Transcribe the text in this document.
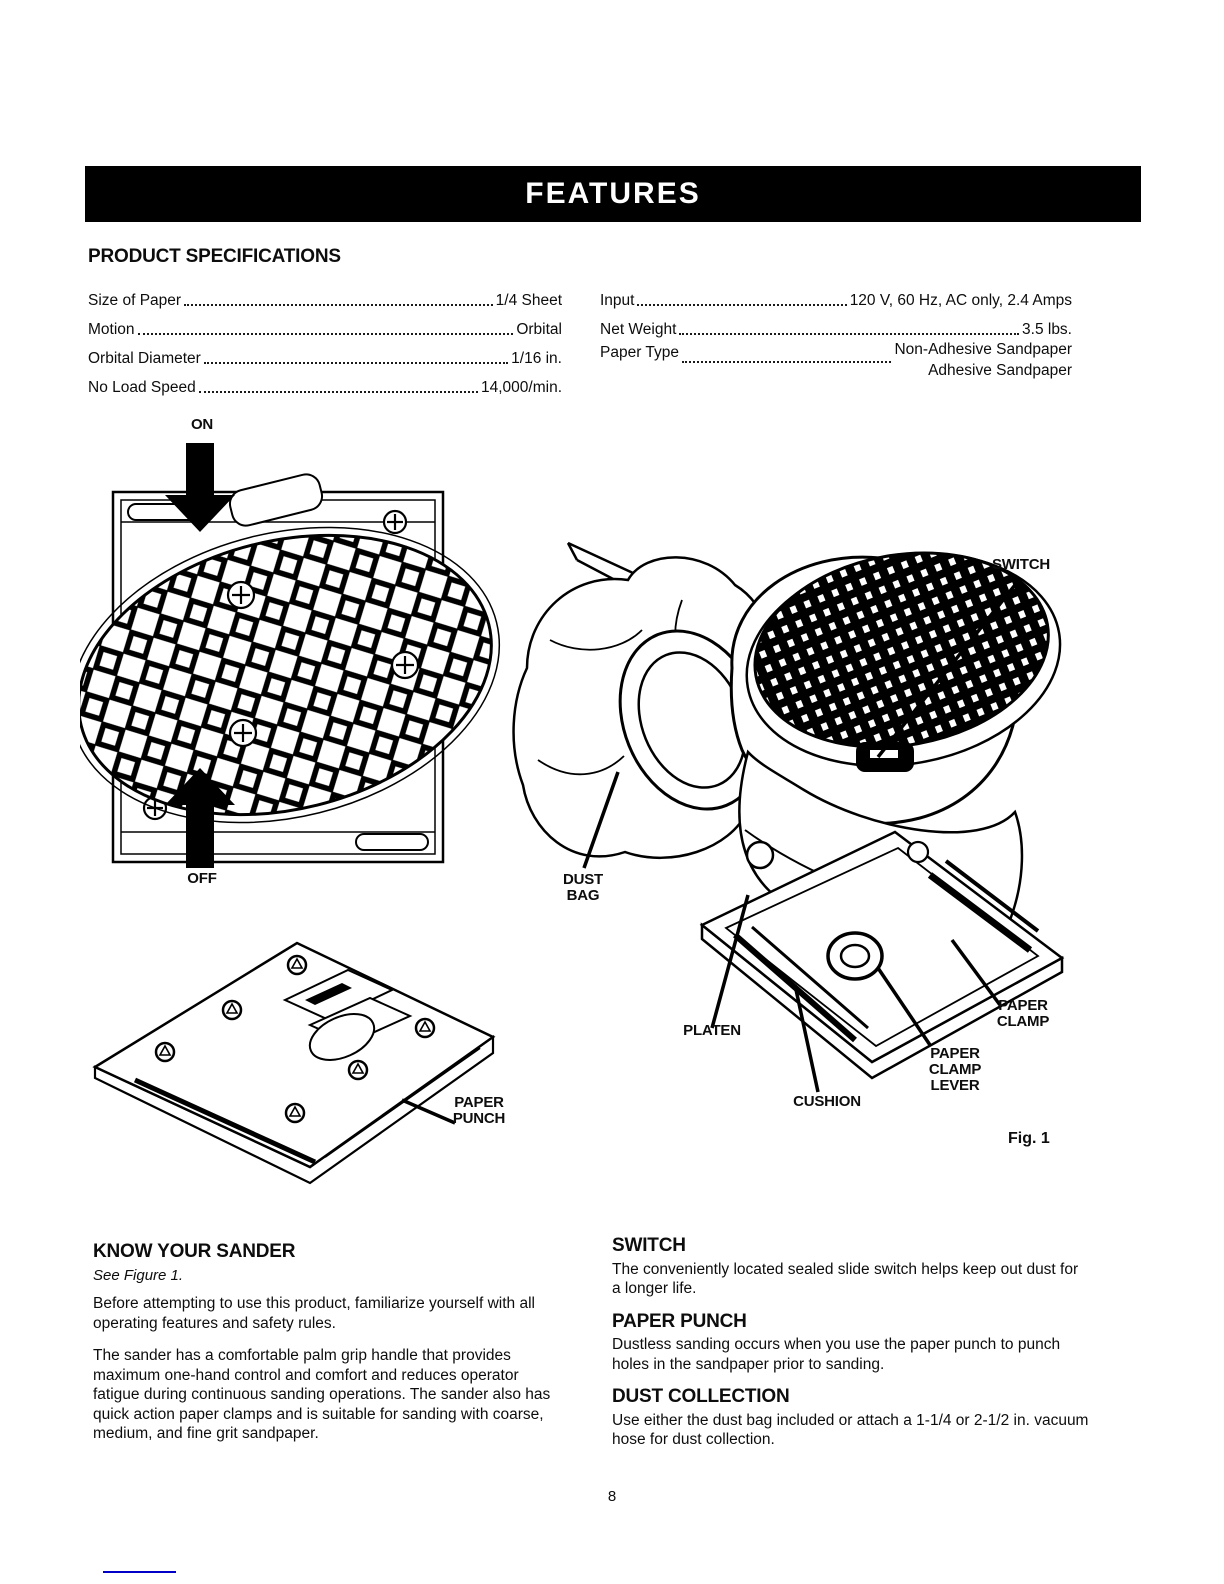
FEATURES
PRODUCT SPECIFICATIONS
Size of Paper	1/4 Sheet
Motion	Orbital
Orbital Diameter	1/16 in.
No Load Speed	14,000/min.
Input	120 V, 60 Hz, AC only, 2.4 Amps
Net Weight	3.5 lbs.
Paper Type	Non-Adhesive Sandpaper
Adhesive Sandpaper
ON
OFF
SWITCH
DUST BAG
PLATEN
CUSHION
PAPER CLAMP LEVER
PAPER CLAMP
PAPER PUNCH
Fig. 1
KNOW YOUR SANDER
See Figure 1.

Before attempting to use this product, familiarize yourself with all operating features and safety rules.

The sander has a comfortable palm grip handle that provides maximum one-hand control and comfort and reduces operator fatigue during continuous sanding operations. The sander also has quick action paper clamps and is suitable for sanding with coarse, medium, and fine grit sandpaper.

SWITCH

The conveniently located sealed slide switch helps keep out dust for a longer life.

PAPER PUNCH

Dustless sanding occurs when you use the paper punch to punch holes in the sandpaper prior to sanding.

DUST COLLECTION

Use either the dust bag included or attach a 1-1/4 or 2-1/2 in. vacuum hose for dust collection.

8
